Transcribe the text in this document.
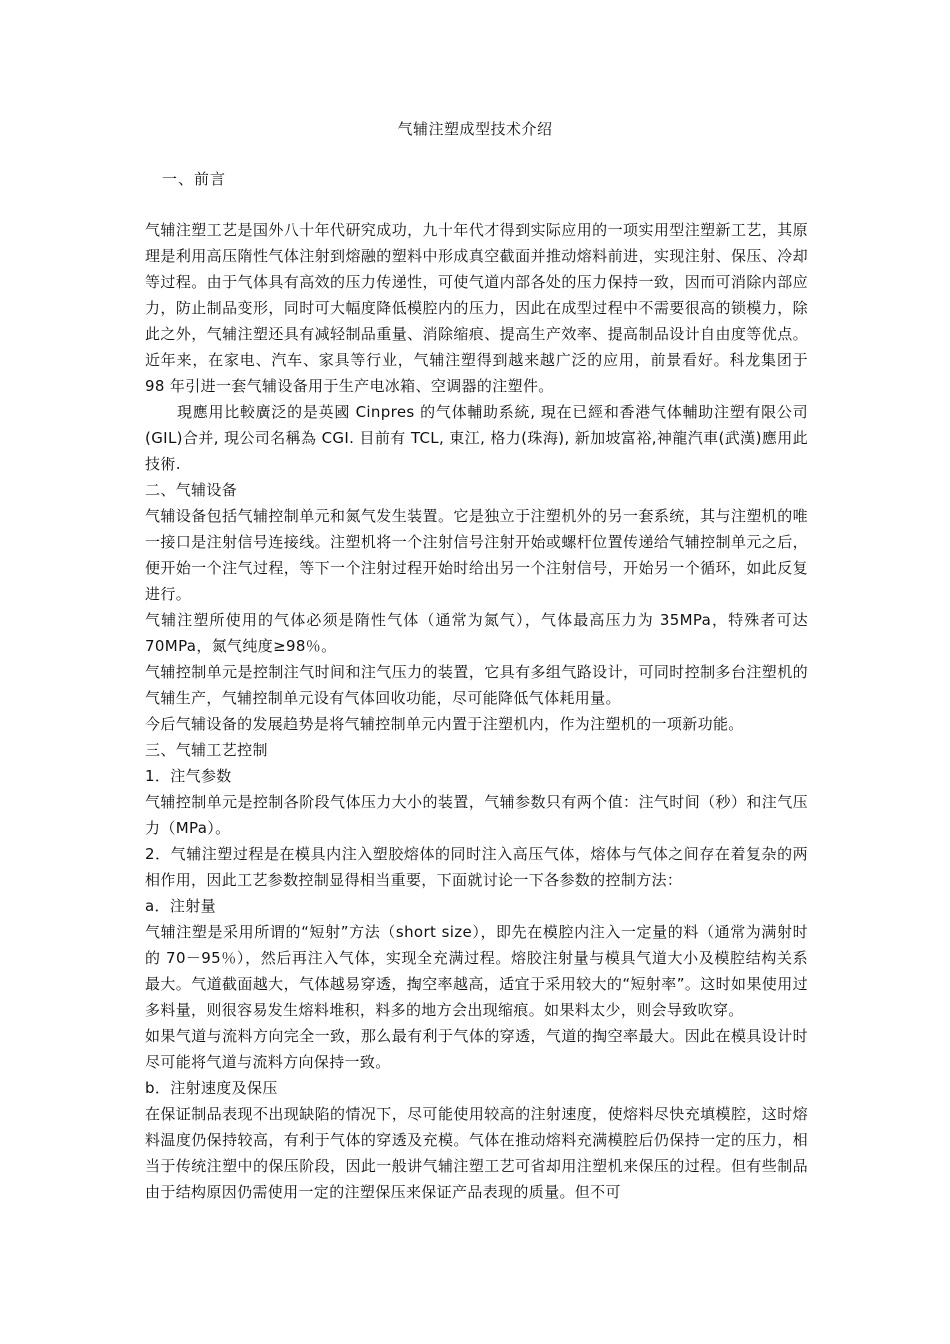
气辅注塑成型技术介绍
一、前言

气辅注塑工艺是国外八十年代研究成功，九十年代才得到实际应用的一项实用型注塑新工艺，其原理是利用高压隋性气体注射到熔融的塑料中形成真空截面并推动熔料前进，实现注射、保压、冷却等过程。由于气体具有高效的压力传递性，可使气道内部各处的压力保持一致，因而可消除内部应力，防止制品变形，同时可大幅度降低模腔内的压力，因此在成型过程中不需要很高的锁模力，除此之外，气辅注塑还具有减轻制品重量、消除缩痕、提高生产效率、提高制品设计自由度等优点。近年来，在家电、汽车、家具等行业，气辅注塑得到越来越广泛的应用，前景看好。科龙集团于 98 年引进一套气辅设备用于生产电冰箱、空调器的注塑件。

現應用比較廣泛的是英國 Cinpres 的气体輔助系統, 現在已經和香港气体輔助注塑有限公司(GIL)合并, 現公司名稱為 CGI. 目前有 TCL, 東江, 格力(珠海), 新加坡富裕,神龍汽車(武漢)應用此技術.

二、气辅设备

气辅设备包括气辅控制单元和氮气发生装置。它是独立于注塑机外的另一套系统，其与注塑机的唯一接口是注射信号连接线。注塑机将一个注射信号注射开始或螺杆位置传递给气辅控制单元之后，便开始一个注气过程，等下一个注射过程开始时给出另一个注射信号，开始另一个循环，如此反复进行。

气辅注塑所使用的气体必须是隋性气体（通常为氮气），气体最高压力为 35MPa，特殊者可达 70MPa，氮气纯度≥98％。

气辅控制单元是控制注气时间和注气压力的装置，它具有多组气路设计，可同时控制多台注塑机的气辅生产，气辅控制单元设有气体回收功能，尽可能降低气体耗用量。

今后气辅设备的发展趋势是将气辅控制单元内置于注塑机内，作为注塑机的一项新功能。

三、气辅工艺控制

1．注气参数

气辅控制单元是控制各阶段气体压力大小的装置，气辅参数只有两个值：注气时间（秒）和注气压力（MPa）。

2．气辅注塑过程是在模具内注入塑胶熔体的同时注入高压气体，熔体与气体之间存在着复杂的两相作用，因此工艺参数控制显得相当重要，下面就讨论一下各参数的控制方法：

a．注射量

气辅注塑是采用所谓的“短射”方法（short size），即先在模腔内注入一定量的料（通常为满射时的 70－95％），然后再注入气体，实现全充满过程。熔胶注射量与模具气道大小及模腔结构关系最大。气道截面越大，气体越易穿透，掏空率越高，适宜于采用较大的“短射率”。这时如果使用过多料量，则很容易发生熔料堆积，料多的地方会出现缩痕。如果料太少，则会导致吹穿。

如果气道与流料方向完全一致，那么最有利于气体的穿透，气道的掏空率最大。因此在模具设计时尽可能将气道与流料方向保持一致。

b．注射速度及保压

在保证制品表现不出现缺陷的情况下，尽可能使用较高的注射速度，使熔料尽快充填模腔，这时熔料温度仍保持较高，有利于气体的穿透及充模。气体在推动熔料充满模腔后仍保持一定的压力，相当于传统注塑中的保压阶段，因此一般讲气辅注塑工艺可省却用注塑机来保压的过程。但有些制品由于结构原因仍需使用一定的注塑保压来保证产品表现的质量。但不可
